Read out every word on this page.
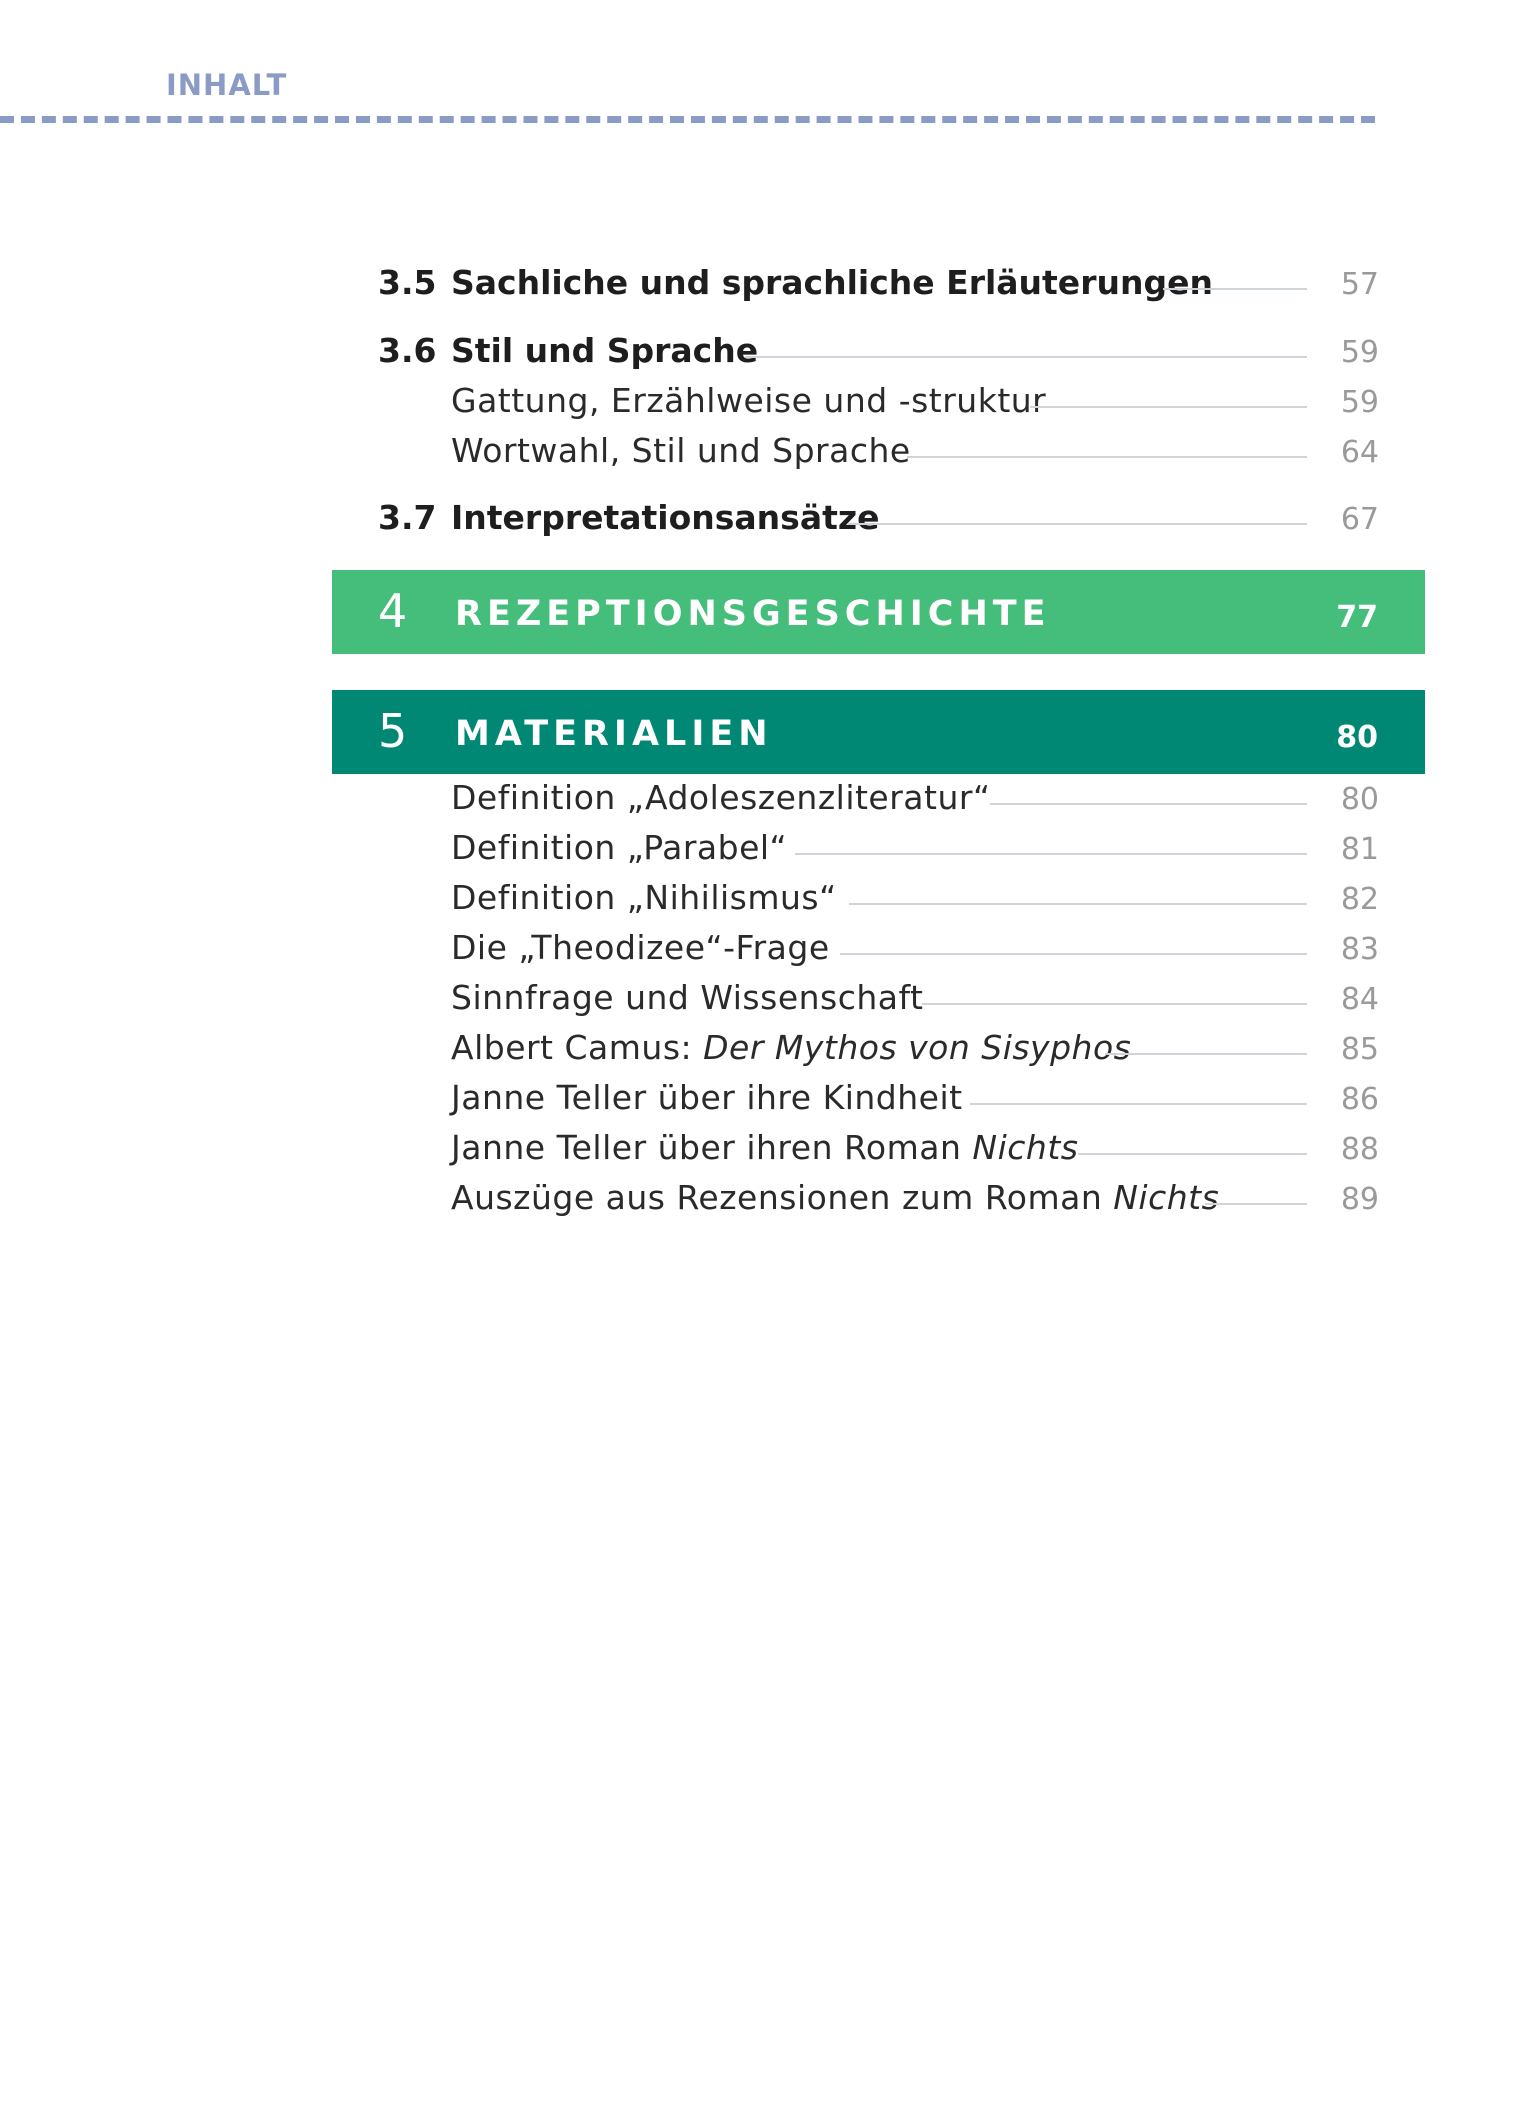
INHALT
3.5 Sachliche und sprachliche Erläuterungen	57
3.6 Stil und Sprache	59
Gattung, Erzählweise und -struktur	59
Wortwahl, Stil und Sprache	64
3.7 Interpretationsansätze	67
4 REZEPTIONSGESCHICHTE	77
5 MATERIALIEN	80
Definition „Adoleszenzliteratur“	80
Definition „Parabel“	81
Definition „Nihilismus“	82
Die „Theodizee“-Frage	83
Sinnfrage und Wissenschaft	84
Albert Camus: Der Mythos von Sisyphos	85
Janne Teller über ihre Kindheit	86
Janne Teller über ihren Roman Nichts	88
Auszüge aus Rezensionen zum Roman Nichts	89
